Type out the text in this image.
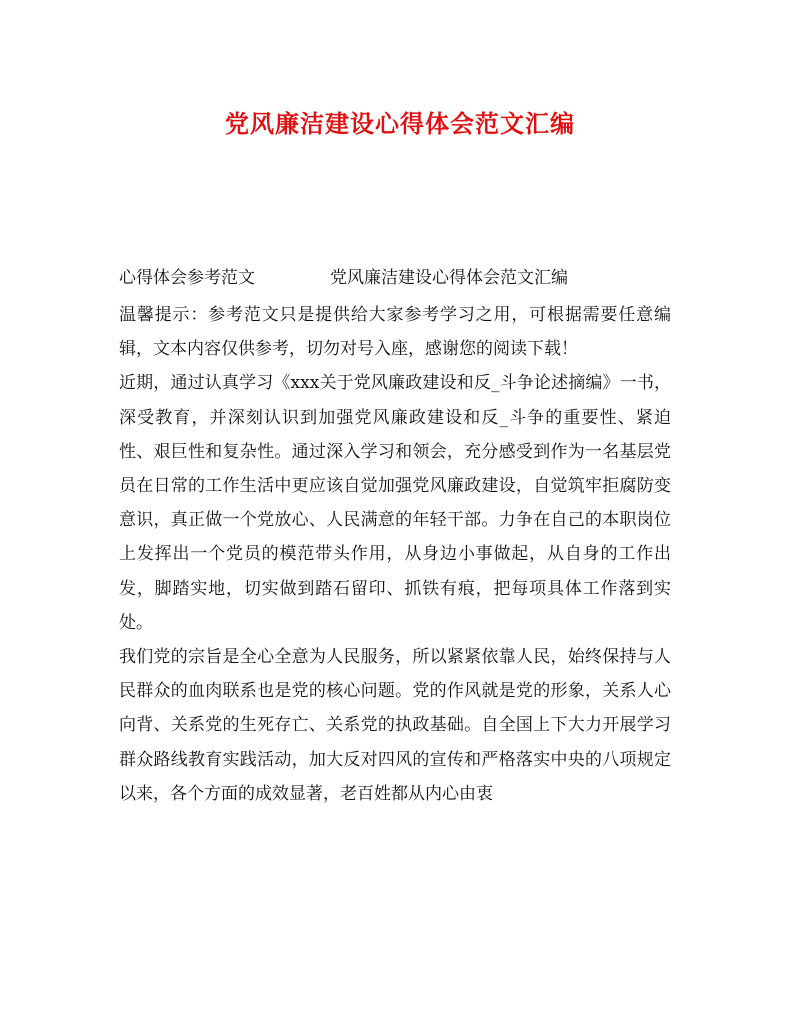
党风廉洁建设心得体会范文汇编
心得体会参考范文	党风廉洁建设心得体会范文汇编

温馨提示：参考范文只是提供给大家参考学习之用，可根据需要任意编辑，文本内容仅供参考，切勿对号入座，感谢您的阅读下载！

近期，通过认真学习《xxx关于党风廉政建设和反_斗争论述摘编》一书，深受教育，并深刻认识到加强党风廉政建设和反_斗争的重要性、紧迫性、艰巨性和复杂性。通过深入学习和领会，充分感受到作为一名基层党员在日常的工作生活中更应该自觉加强党风廉政建设，自觉筑牢拒腐防变意识，真正做一个党放心、人民满意的年轻干部。力争在自己的本职岗位上发挥出一个党员的模范带头作用，从身边小事做起，从自身的工作出发，脚踏实地，切实做到踏石留印、抓铁有痕，把每项具体工作落到实处。

我们党的宗旨是全心全意为人民服务，所以紧紧依靠人民，始终保持与人民群众的血肉联系也是党的核心问题。党的作风就是党的形象，关系人心向背、关系党的生死存亡、关系党的执政基础。自全国上下大力开展学习群众路线教育实践活动，加大反对四风的宣传和严格落实中央的八项规定以来，各个方面的成效显著，老百姓都从内心由衷
